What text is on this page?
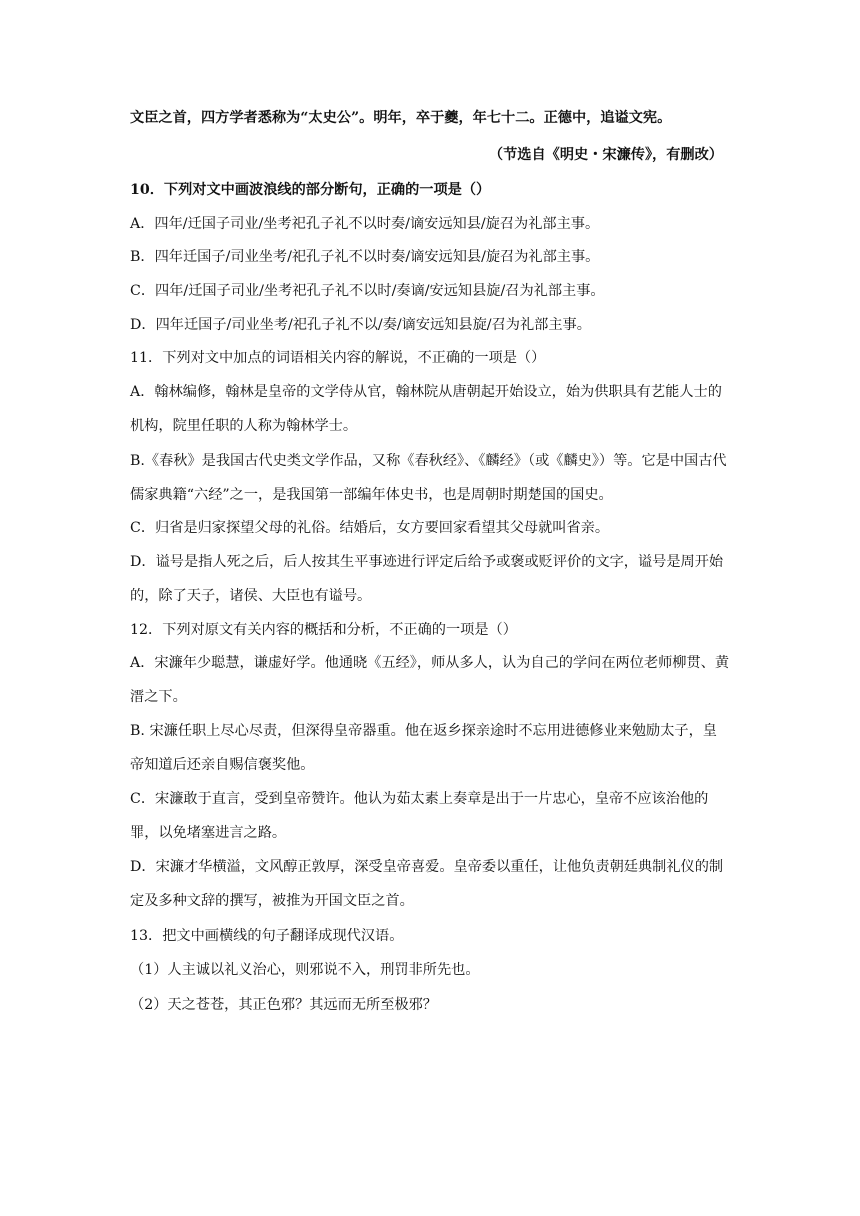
文臣之首，四方学者悉称为“太史公”。明年，卒于夔，年七十二。正德中，追谥文宪。
（节选自《明史・宋濂传》，有删改）
10．下列对文中画波浪线的部分断句，正确的一项是（）
A．四年/迁国子司业/坐考祀孔子礼不以时奏/谪安远知县/旋召为礼部主事。
B．四年迁国子/司业坐考/祀孔子礼不以时奏/谪安远知县/旋召为礼部主事。
C．四年/迁国子司业/坐考祀孔子礼不以时/奏谪/安远知县旋/召为礼部主事。
D．四年迁国子/司业坐考/祀孔子礼不以/奏/谪安远知县旋/召为礼部主事。
11．下列对文中加点的词语相关内容的解说，不正确的一项是（）
A．翰林编修，翰林是皇帝的文学侍从官，翰林院从唐朝起开始设立，始为供职具有艺能人士的机构，院里任职的人称为翰林学士。
B.《春秋》是我国古代史类文学作品，又称《春秋经》、《麟经》（或《麟史》）等。它是中国古代儒家典籍“六经”之一，是我国第一部编年体史书，也是周朝时期楚国的国史。
C．归省是归家探望父母的礼俗。结婚后，女方要回家看望其父母就叫省亲。
D．谥号是指人死之后，后人按其生平事迹进行评定后给予或褒或贬评价的文字，谥号是周开始的，除了天子，诸侯、大臣也有谥号。
12．下列对原文有关内容的概括和分析，不正确的一项是（）
A．宋濂年少聪慧，谦虚好学。他通晓《五经》，师从多人，认为自己的学问在两位老师柳贯、黄溍之下。
B. 宋濂任职上尽心尽责，但深得皇帝器重。他在返乡探亲途时不忘用进德修业来勉励太子，皇帝知道后还亲自赐信褒奖他。
C．宋濂敢于直言，受到皇帝赞许。他认为茹太素上奏章是出于一片忠心，皇帝不应该治他的罪，以免堵塞进言之路。
D．宋濂才华横溢，文风醇正敦厚，深受皇帝喜爱。皇帝委以重任，让他负责朝廷典制礼仪的制定及多种文辞的撰写，被推为开国文臣之首。
13．把文中画横线的句子翻译成现代汉语。
（1）人主诚以礼义治心，则邪说不入，刑罚非所先也。
（2）天之苍苍，其正色邪？其远而无所至极邪？
